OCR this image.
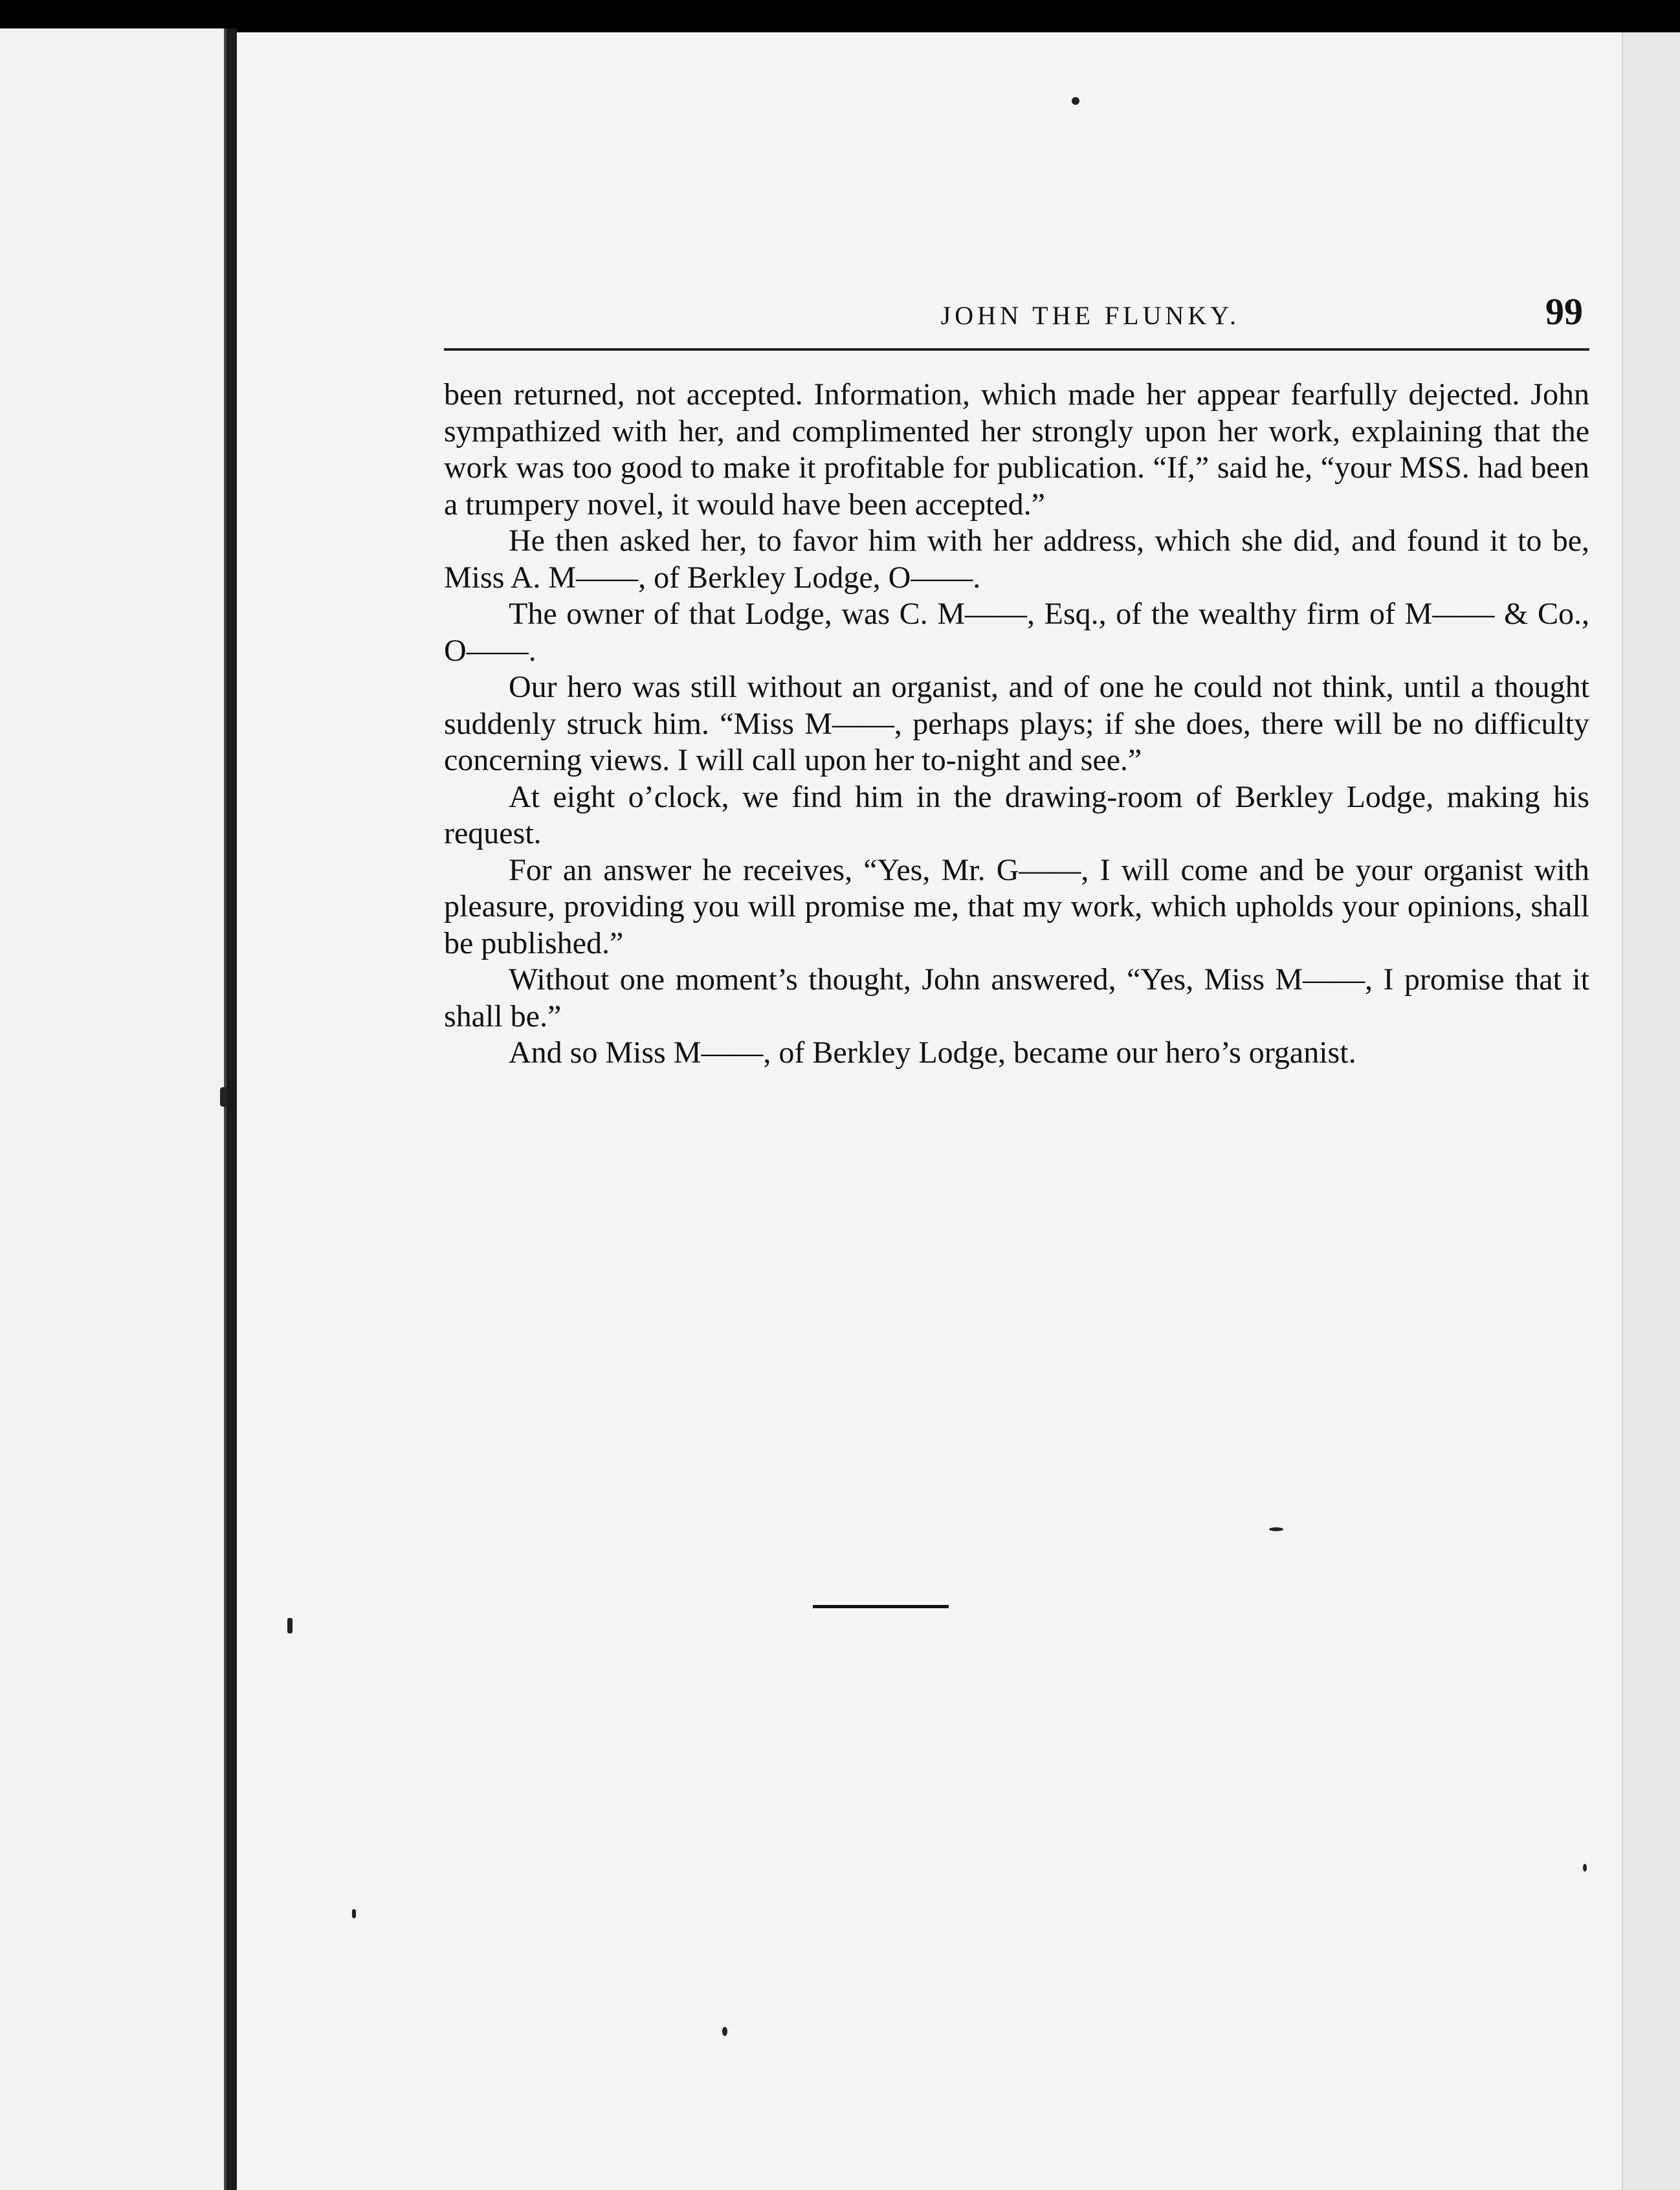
JOHN THE FLUNKY.	99

been returned, not accepted. Information, which made her appear fearfully dejected. John sympathized with her, and complimented her strongly upon her work, explaining that the work was too good to make it profitable for publication. “If,” said he, “your MSS. had been a trumpery novel, it would have been accepted.”

He then asked her, to favor him with her address, which she did, and found it to be, Miss A. M——, of Berkley Lodge, O——.

The owner of that Lodge, was C. M——, Esq., of the wealthy firm of M—— & Co., O——.

Our hero was still without an organist, and of one he could not think, until a thought suddenly struck him. “Miss M——, perhaps plays; if she does, there will be no difficulty concerning views. I will call upon her to-night and see.”

At eight o’clock, we find him in the drawing-room of Berkley Lodge, making his request.

For an answer he receives, “Yes, Mr. G——, I will come and be your organist with pleasure, providing you will promise me, that my work, which upholds your opinions, shall be published.”

Without one moment’s thought, John answered, “Yes, Miss M——, I promise that it shall be.”

And so Miss M——, of Berkley Lodge, became our hero’s organist.
